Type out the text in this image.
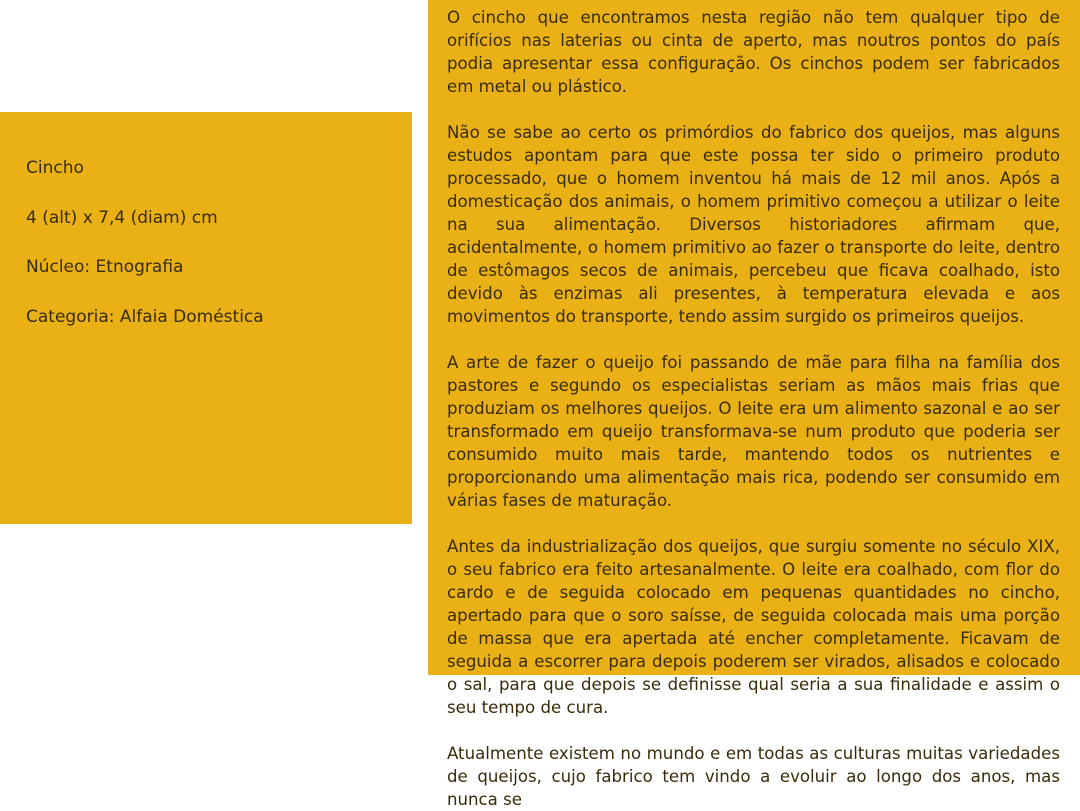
Cincho
4 (alt) x 7,4 (diam) cm
Núcleo: Etnografia
Categoria: Alfaia Doméstica

O cincho que encontramos nesta região não tem qualquer tipo de orifícios nas laterias ou cinta de aperto, mas noutros pontos do país podia apresentar essa configuração. Os cinchos podem ser fabricados em metal ou plástico.

Não se sabe ao certo os primórdios do fabrico dos queijos, mas alguns estudos apontam para que este possa ter sido o primeiro produto processado, que o homem inventou há mais de 12 mil anos. Após a domesticação dos animais, o homem primitivo começou a utilizar o leite na sua alimentação. Diversos historiadores afirmam que, acidentalmente, o homem primitivo ao fazer o transporte do leite, dentro de estômagos secos de animais, percebeu que ficava coalhado, isto devido às enzimas ali presentes, à temperatura elevada e aos movimentos do transporte, tendo assim surgido os primeiros queijos.

A arte de fazer o queijo foi passando de mãe para filha na família dos pastores e segundo os especialistas seriam as mãos mais frias que produziam os melhores queijos. O leite era um alimento sazonal e ao ser transformado em queijo transformava-se num produto que poderia ser consumido muito mais tarde, mantendo todos os nutrientes e proporcionando uma alimentação mais rica, podendo ser consumido em várias fases de maturação.

Antes da industrialização dos queijos, que surgiu somente no século XIX, o seu fabrico era feito artesanalmente. O leite era coalhado, com flor do cardo e de seguida colocado em pequenas quantidades no cincho, apertado para que o soro saísse, de seguida colocada mais uma porção de massa que era apertada até encher completamente. Ficavam de seguida a escorrer para depois poderem ser virados, alisados e colocado o sal, para que depois se definisse qual seria a sua finalidade e assim o seu tempo de cura.

Atualmente existem no mundo e em todas as culturas muitas variedades de queijos, cujo fabrico tem vindo a evoluir ao longo dos anos, mas nunca se
